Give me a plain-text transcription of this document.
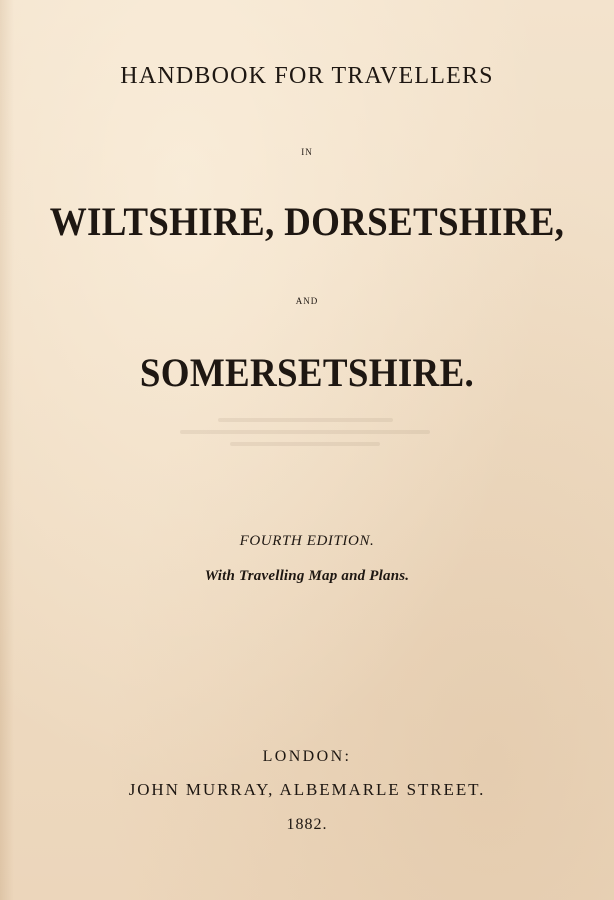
HANDBOOK FOR TRAVELLERS

IN

WILTSHIRE, DORSETSHIRE,

AND

SOMERSETSHIRE.

FOURTH EDITION.

With Travelling Map and Plans.

LONDON:

JOHN MURRAY, ALBEMARLE STREET.

1882.
